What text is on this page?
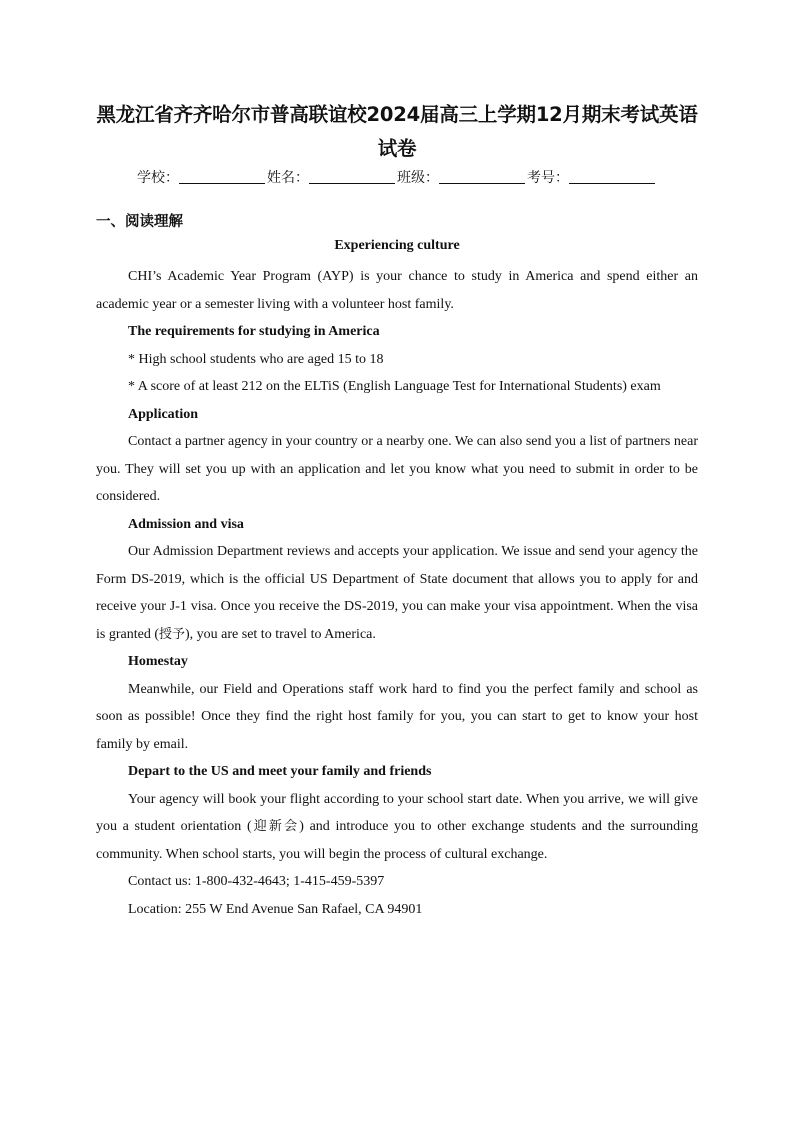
黑龙江省齐齐哈尔市普高联谊校2024届高三上学期12月期末考试英语试卷
学校：	姓名：	班级：	考号：
一、阅读理解
Experiencing culture

CHI’s Academic Year Program (AYP) is your chance to study in America and spend either an academic year or a semester living with a volunteer host family.

The requirements for studying in America

* High school students who are aged 15 to 18

* A score of at least 212 on the ELTiS (English Language Test for International Students) exam

Application

Contact a partner agency in your country or a nearby one. We can also send you a list of partners near you. They will set you up with an application and let you know what you need to submit in order to be considered.

Admission and visa

Our Admission Department reviews and accepts your application. We issue and send your agency the Form DS-2019, which is the official US Department of State document that allows you to apply for and receive your J-1 visa. Once you receive the DS-2019, you can make your visa appointment. When the visa is granted (授予), you are set to travel to America.

Homestay

Meanwhile, our Field and Operations staff work hard to find you the perfect family and school as soon as possible! Once they find the right host family for you, you can start to get to know your host family by email.

Depart to the US and meet your family and friends

Your agency will book your flight according to your school start date. When you arrive, we will give you a student orientation (迎新会) and introduce you to other exchange students and the surrounding community. When school starts, you will begin the process of cultural exchange.

Contact us: 1-800-432-4643; 1-415-459-5397

Location: 255 W End Avenue San Rafael, CA 94901
